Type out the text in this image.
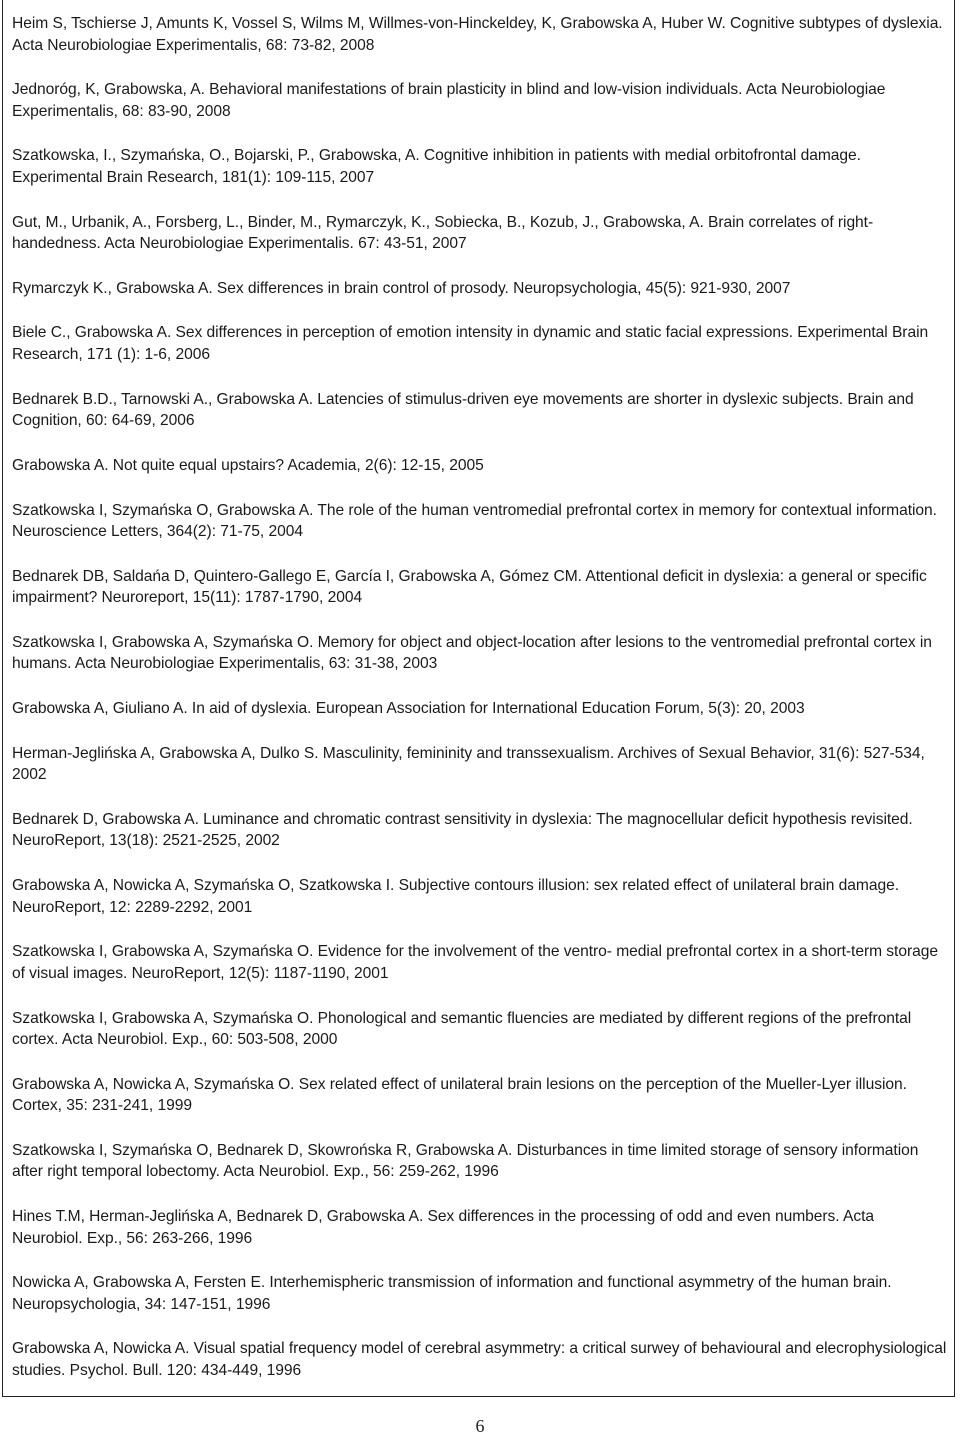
Heim S, Tschierse J, Amunts K, Vossel S, Wilms M, Willmes-von-Hinckeldey, K, Grabowska A, Huber W. Cognitive subtypes of dyslexia. Acta Neurobiologiae Experimentalis, 68: 73-82, 2008
Jednoróg, K, Grabowska, A. Behavioral manifestations of brain plasticity in blind and low-vision individuals. Acta Neurobiologiae Experimentalis, 68: 83-90, 2008
Szatkowska, I., Szymańska, O., Bojarski, P., Grabowska, A. Cognitive inhibition in patients with medial orbitofrontal damage. Experimental Brain Research, 181(1): 109-115, 2007
Gut, M., Urbanik, A., Forsberg, L., Binder, M., Rymarczyk, K., Sobiecka, B., Kozub, J., Grabowska, A. Brain correlates of right-handedness. Acta Neurobiologiae Experimentalis. 67: 43-51, 2007
Rymarczyk K., Grabowska A. Sex differences in brain control of prosody. Neuropsychologia, 45(5): 921-930, 2007
Biele C., Grabowska A. Sex differences in perception of emotion intensity in dynamic and static facial expressions. Experimental Brain Research, 171 (1): 1-6, 2006
Bednarek B.D., Tarnowski A., Grabowska A. Latencies of stimulus-driven eye movements are shorter in dyslexic subjects. Brain and Cognition, 60: 64-69, 2006
Grabowska A. Not quite equal upstairs? Academia, 2(6): 12-15, 2005
Szatkowska I, Szymańska O, Grabowska A. The role of the human ventromedial prefrontal cortex in memory for contextual information. Neuroscience Letters, 364(2): 71-75, 2004
Bednarek DB, Saldańa D, Quintero-Gallego E, García I, Grabowska A, Gómez CM. Attentional deficit in dyslexia: a general or specific impairment? Neuroreport, 15(11): 1787-1790, 2004
Szatkowska I, Grabowska A, Szymańska O. Memory for object and object-location after lesions to the ventromedial prefrontal cortex in humans. Acta Neurobiologiae Experimentalis, 63: 31-38, 2003
Grabowska A, Giuliano A. In aid of dyslexia. European Association for International Education Forum, 5(3): 20, 2003
Herman-Jeglińska A, Grabowska A, Dulko S. Masculinity, femininity and transsexualism. Archives of Sexual Behavior, 31(6): 527-534, 2002
Bednarek D, Grabowska A. Luminance and chromatic contrast sensitivity in dyslexia: The magnocellular deficit hypothesis revisited. NeuroReport, 13(18): 2521-2525, 2002
Grabowska A, Nowicka A, Szymańska O, Szatkowska I. Subjective contours illusion: sex related effect of unilateral brain damage. NeuroReport, 12: 2289-2292, 2001
Szatkowska I, Grabowska A, Szymańska O. Evidence for the involvement of the ventro- medial prefrontal cortex in a short-term storage of visual images. NeuroReport, 12(5): 1187-1190, 2001
Szatkowska I, Grabowska A, Szymańska O. Phonological and semantic fluencies are mediated by different regions of the prefrontal cortex. Acta Neurobiol. Exp., 60: 503-508, 2000
Grabowska A, Nowicka A, Szymańska O. Sex related effect of unilateral brain lesions on the perception of the Mueller-Lyer illusion. Cortex, 35: 231-241, 1999
Szatkowska I, Szymańska O, Bednarek D, Skowrońska R, Grabowska A. Disturbances in time limited storage of sensory information after right temporal lobectomy. Acta Neurobiol. Exp., 56: 259-262, 1996
Hines T.M, Herman-Jeglińska A, Bednarek D, Grabowska A. Sex differences in the processing of odd and even numbers. Acta Neurobiol. Exp., 56: 263-266, 1996
Nowicka A, Grabowska A, Fersten E. Interhemispheric transmission of information and functional asymmetry of the human brain. Neuropsychologia, 34: 147-151, 1996
Grabowska A, Nowicka A. Visual spatial frequency model of cerebral asymmetry: a critical surwey of behavioural and elecrophysiological studies. Psychol. Bull. 120: 434-449, 1996
6
